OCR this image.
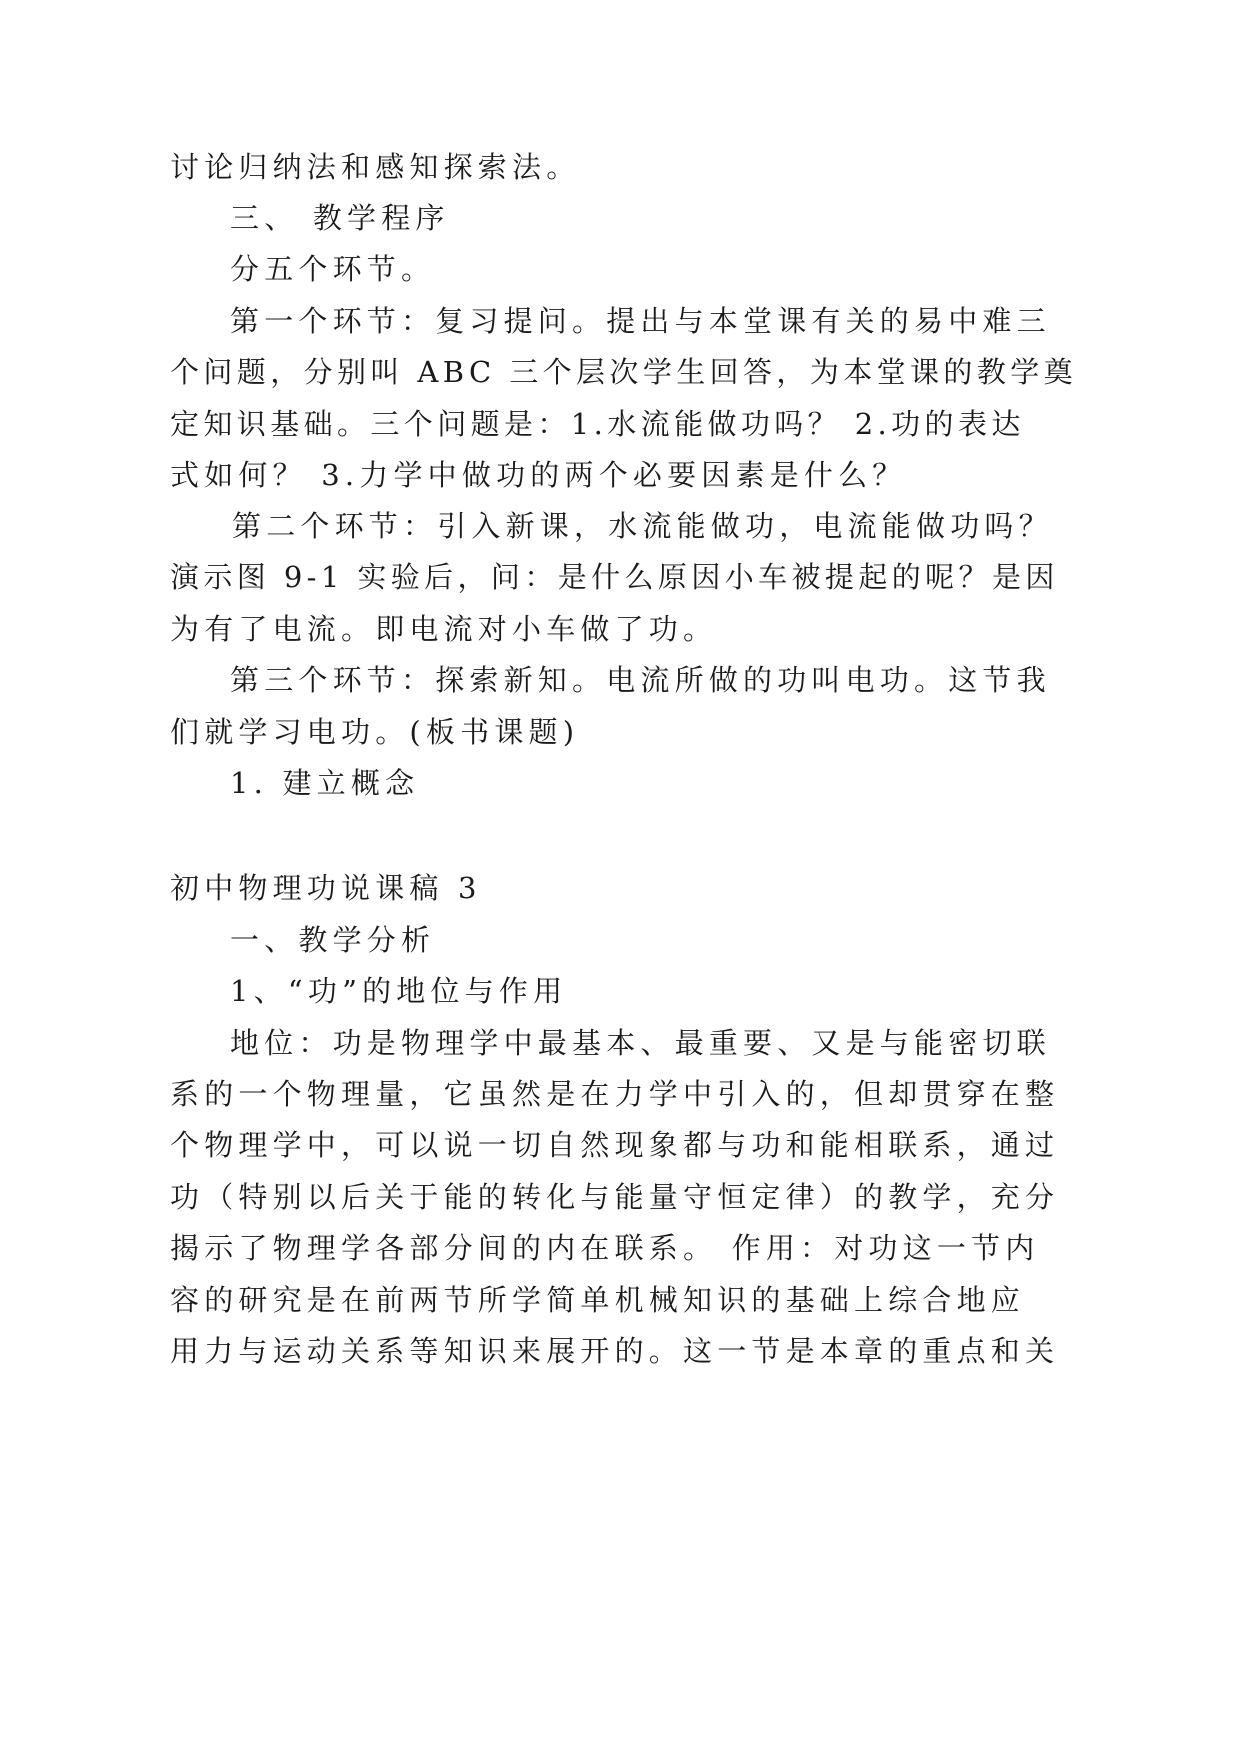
讨论归纳法和感知探索法。

三、 教学程序

分五个环节。

第一个环节：复习提问。提出与本堂课有关的易中难三

个问题，分别叫 ABC 三个层次学生回答，为本堂课的教学奠

定知识基础。三个问题是：1.水流能做功吗？ 2.功的表达

式如何？ 3.力学中做功的两个必要因素是什么？

第二个环节：引入新课，水流能做功，电流能做功吗？

演示图 9-1 实验后，问：是什么原因小车被提起的呢？是因

为有了电流。即电流对小车做了功。

第三个环节：探索新知。电流所做的功叫电功。这节我

们就学习电功。(板书课题)

1. 建立概念

初中物理功说课稿 3

一、教学分析

1、“功”的地位与作用

地位：功是物理学中最基本、最重要、又是与能密切联

系的一个物理量，它虽然是在力学中引入的，但却贯穿在整

个物理学中，可以说一切自然现象都与功和能相联系，通过

功（特别以后关于能的转化与能量守恒定律）的教学，充分

揭示了物理学各部分间的内在联系。 作用：对功这一节内

容的研究是在前两节所学简单机械知识的基础上综合地应

用力与运动关系等知识来展开的。这一节是本章的重点和关
